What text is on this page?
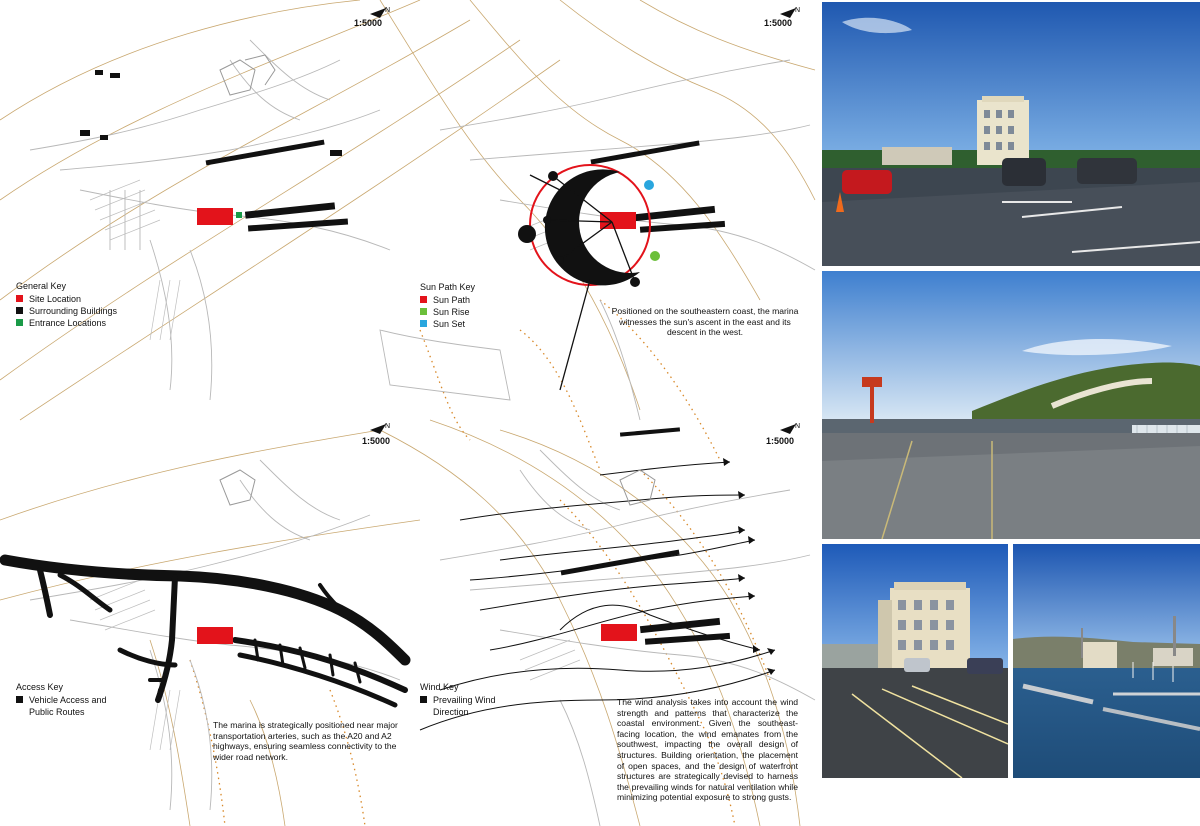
N
1:5000
N
1:5000
N
1:5000
N
1:5000
General Key
Site Location
Surrounding Buildings
Entrance Locations
Sun Path Key
Sun Path
Sun Rise
Sun Set
Positioned on the southeastern coast, the marina witnesses the sun's ascent in the east and its descent in the west.
Access Key
Vehicle Access and Public Routes
The marina is strategically positioned near major transportation arteries, such as the A20 and A2 highways, ensuring seamless connectivity to the wider road network.
Wind Key
Prevailing Wind Direction
The wind analysis takes into account the wind strength and patterns that characterize the coastal environment. Given the southeast-facing location, the wind emanates from the southwest, impacting the overall design of structures. Building orientation, the placement of open spaces, and the design of waterfront structures are strategically devised to harness the prevailing winds for natural ventilation while minimizing potential exposure to strong gusts.
